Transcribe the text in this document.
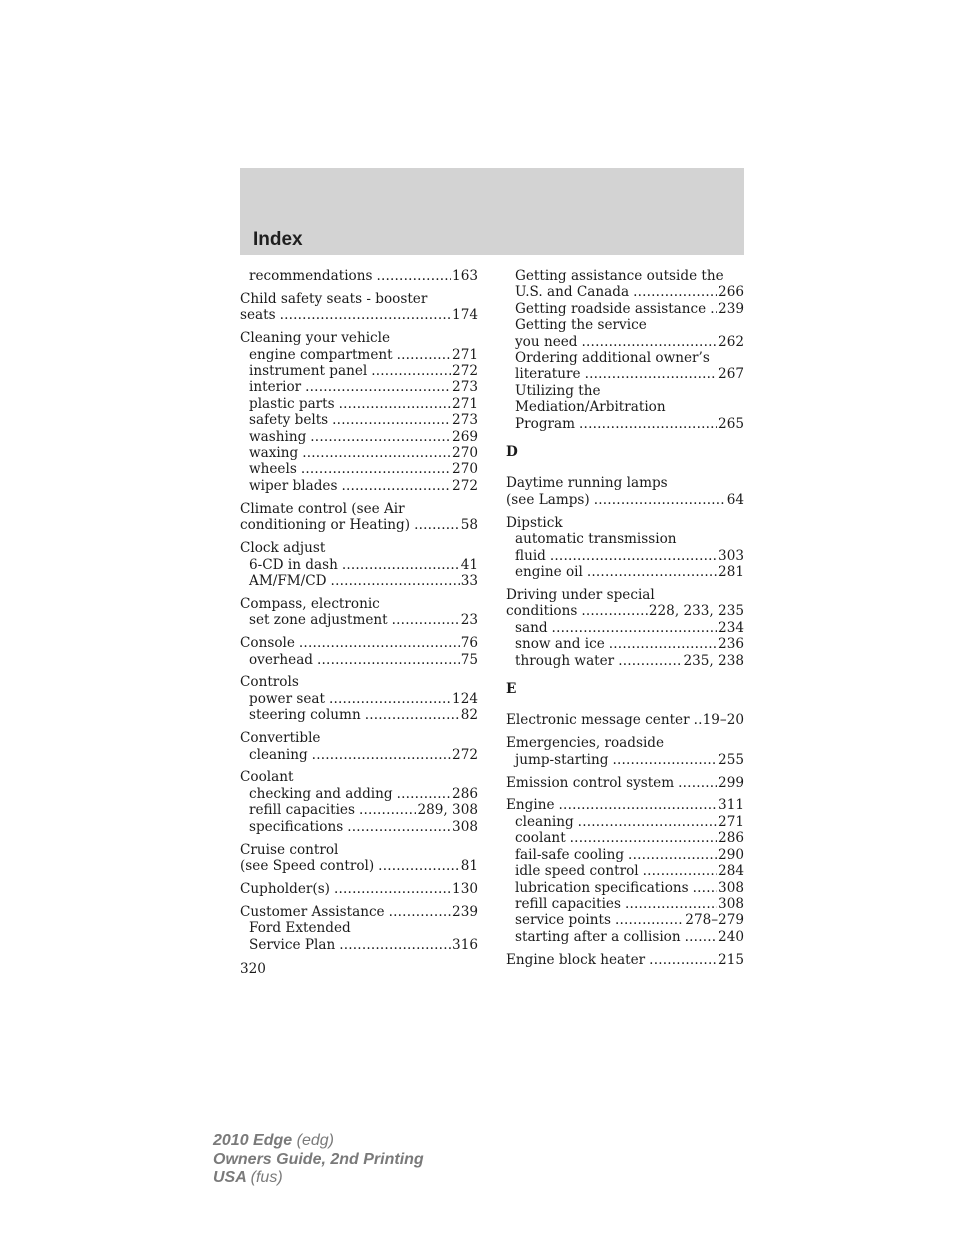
Index
recommendations .....	163
Child safety seats - booster
seats .....	174
Cleaning your vehicle
engine compartment .....	271
instrument panel .....	272
interior .....	273
plastic parts .....	271
safety belts .....	273
washing .....	269
waxing .....	270
wheels .....	270
wiper blades .....	272
Climate control (see Air
conditioning or Heating) .....	58
Clock adjust
6-CD in dash .....	41
AM/FM/CD .....	33
Compass, electronic
set zone adjustment .....	23
Console .....	76
overhead .....	75
Controls
power seat .....	124
steering column .....	82
Convertible
cleaning .....	272
Coolant
checking and adding .....	286
refill capacities .....	289, 308
specifications .....	308
Cruise control
(see Speed control) .....	81
Cupholder(s) .....	130
Customer Assistance .....	239
Ford Extended
Service Plan .....	316
Getting assistance outside the
U.S. and Canada .....	266
Getting roadside assistance ..... 239
Getting the service
you need .....	262
Ordering additional owner’s
literature .....	267
Utilizing the
Mediation/Arbitration
Program .....	265
D
Daytime running lamps
(see Lamps) .....	64
Dipstick
automatic transmission
fluid .....	303
engine oil .....	281
Driving under special
conditions .....	228, 233, 235
sand .....	234
snow and ice .....	236
through water .....	235, 238
E
Electronic message center ..... 19–20
Emergencies, roadside
jump-starting .....	255
Emission control system .....	299
Engine .....	311
cleaning .....	271
coolant .....	286
fail-safe cooling .....	290
idle speed control .....	284
lubrication specifications ..... 308
refill capacities .....	308
service points .....	278–279
starting after a collision .....	240
Engine block heater .....	215
320
2010 Edge (edg)
Owners Guide, 2nd Printing
USA (fus)
